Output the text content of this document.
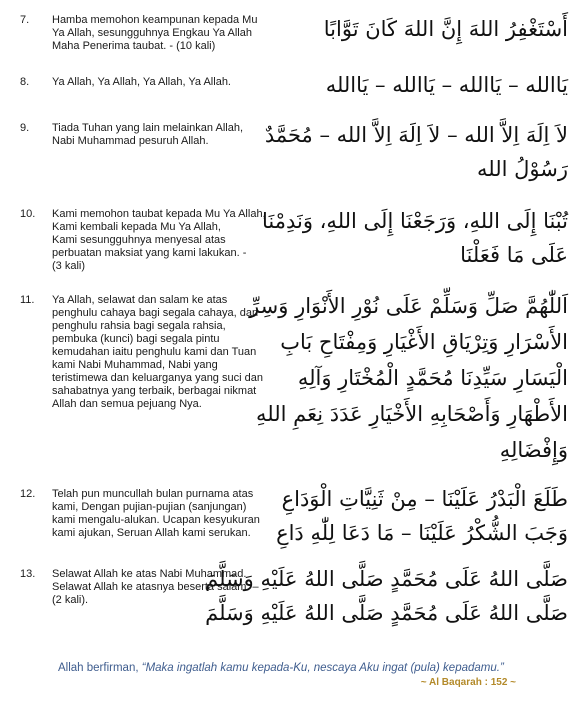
7. Hamba memohon keampunan kepada Mu
Ya Allah, sesungguhnya Engkau Ya Allah
Maha Penerima taubat. - (10 kali)
أَسْتَغْفِرُ اللهَ إِنَّ اللهَ كَانَ تَوَّابًا
8. Ya Allah, Ya Allah, Ya Allah, Ya Allah.	يَاالله – يَاالله – يَاالله – يَاالله
9. Tiada Tuhan yang lain melainkan Allah,
Nabi Muhammad pesuruh Allah.	لاَ اِلَهَ اِلاَّ الله – لاَ اِلَهَ اِلاَّ الله – مُحَمَّدٌ
رَسُوْلُ الله
10. Kami memohon taubat kepada Mu Ya Allah,
Kami kembali kepada Mu Ya Allah,
Kami sesungguhnya menyesal atas
perbuatan maksiat yang kami lakukan. -
(3 kali)
تُبْنَا إِلَى اللهِ، وَرَجَعْنَا إِلَى اللهِ، وَنَدِمْنَا
عَلَى مَا فَعَلْنَا
11. Ya Allah, selawat dan salam ke atas
penghulu cahaya bagi segala cahaya, dan
penghulu rahsia bagi segala rahsia,
pembuka (kunci) bagi segala pintu
kemudahan iaitu penghulu kami dan Tuan
kami Nabi Muhammad, Nabi yang
teristimewa dan keluarganya yang suci dan
sahabatnya yang terbaik, berbagai nikmat
Allah dan semua pejuang Nya.
اَللّٰهُمَّ صَلِّ وَسَلِّمْ عَلَى نُوْرِ الأَنْوَارِ وَسِرِّ
الأَسْرَارِ وَتِرْيَاقِ الأَغْيَارِ وَمِفْتَاحِ بَابِ
الْيَسَارِ سَيِّدِنَا مُحَمَّدٍ الْمُخْتَارِ وَآلِهِ
الأَطْهَارِ وَأَصْحَابِهِ الأَخْيَارِ عَدَدَ نِعَمِ اللهِ
وَإِفْضَالِهِ
12. Telah pun muncullah bulan purnama atas
kami, Dengan pujian-pujian (sanjungan)
kami mengalu-alukan. Ucapan kesyukuran
kami ajukan, Seruan Allah kami serukan.
طَلَعَ الْبَدْرُ عَلَيْنَا – مِنْ ثَنِيَّاتِ الْوَدَاعِ
وَجَبَ الشُّكْرُ عَلَيْنَا – مَا دَعَا لِلّٰهِ دَاعِ
13. Selawat Allah ke atas Nabi Muhammad.
Selawat Allah ke atasnya beserta salam. –
(2 kali).
صَلَّى اللهُ عَلَى مُحَمَّدٍ صَلَّى اللهُ عَلَيْهِ وَسَلَّمَ
صَلَّى اللهُ عَلَى مُحَمَّدٍ صَلَّى اللهُ عَلَيْهِ وَسَلَّمَ
Allah berfirman, “Maka ingatlah kamu kepada-Ku, nescaya Aku ingat (pula) kepadamu.”
~ Al Baqarah : 152 ~
